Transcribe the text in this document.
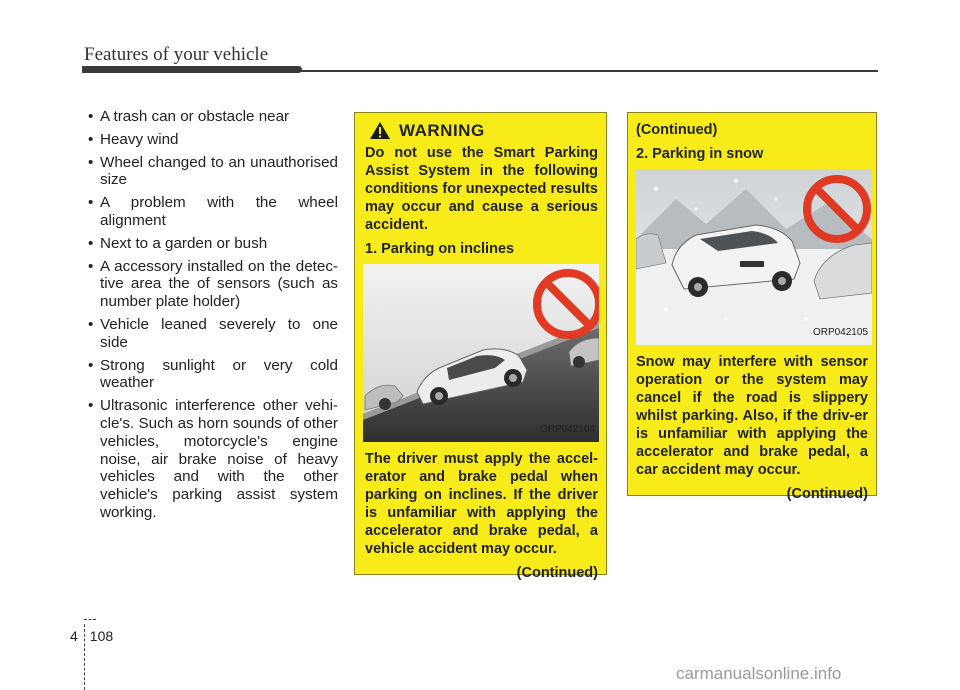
Features of your vehicle
• A trash can or obstacle near
• Heavy wind
• Wheel changed to an unauthorised size
• A problem with the wheel alignment
• Next to a garden or bush
• A accessory installed on the detec-tive area the of sensors (such as number plate holder)
• Vehicle leaned severely to one side
• Strong sunlight or very cold weather
• Ultrasonic interference other vehi-cle's. Such as horn sounds of other vehicles, motorcycle's engine noise, air brake noise of heavy vehicles and with the other vehicle's parking assist system working.
WARNING

Do not use the Smart Parking Assist System in the following conditions for unexpected results may occur and cause a serious accident.

1. Parking on inclines

ORP042104

The driver must apply the accel-erator and brake pedal when parking on inclines. If the driver is unfamiliar with applying the accelerator and brake pedal, a vehicle accident may occur.

(Continued)

(Continued)

2. Parking in snow

ORP042105

Snow may interfere with sensor operation or the system may cancel if the road is slippery whilst parking. Also, if the driv-er is unfamiliar with applying the accelerator and brake pedal, a car accident may occur.

(Continued)

4 108
carmanualsonline.info
